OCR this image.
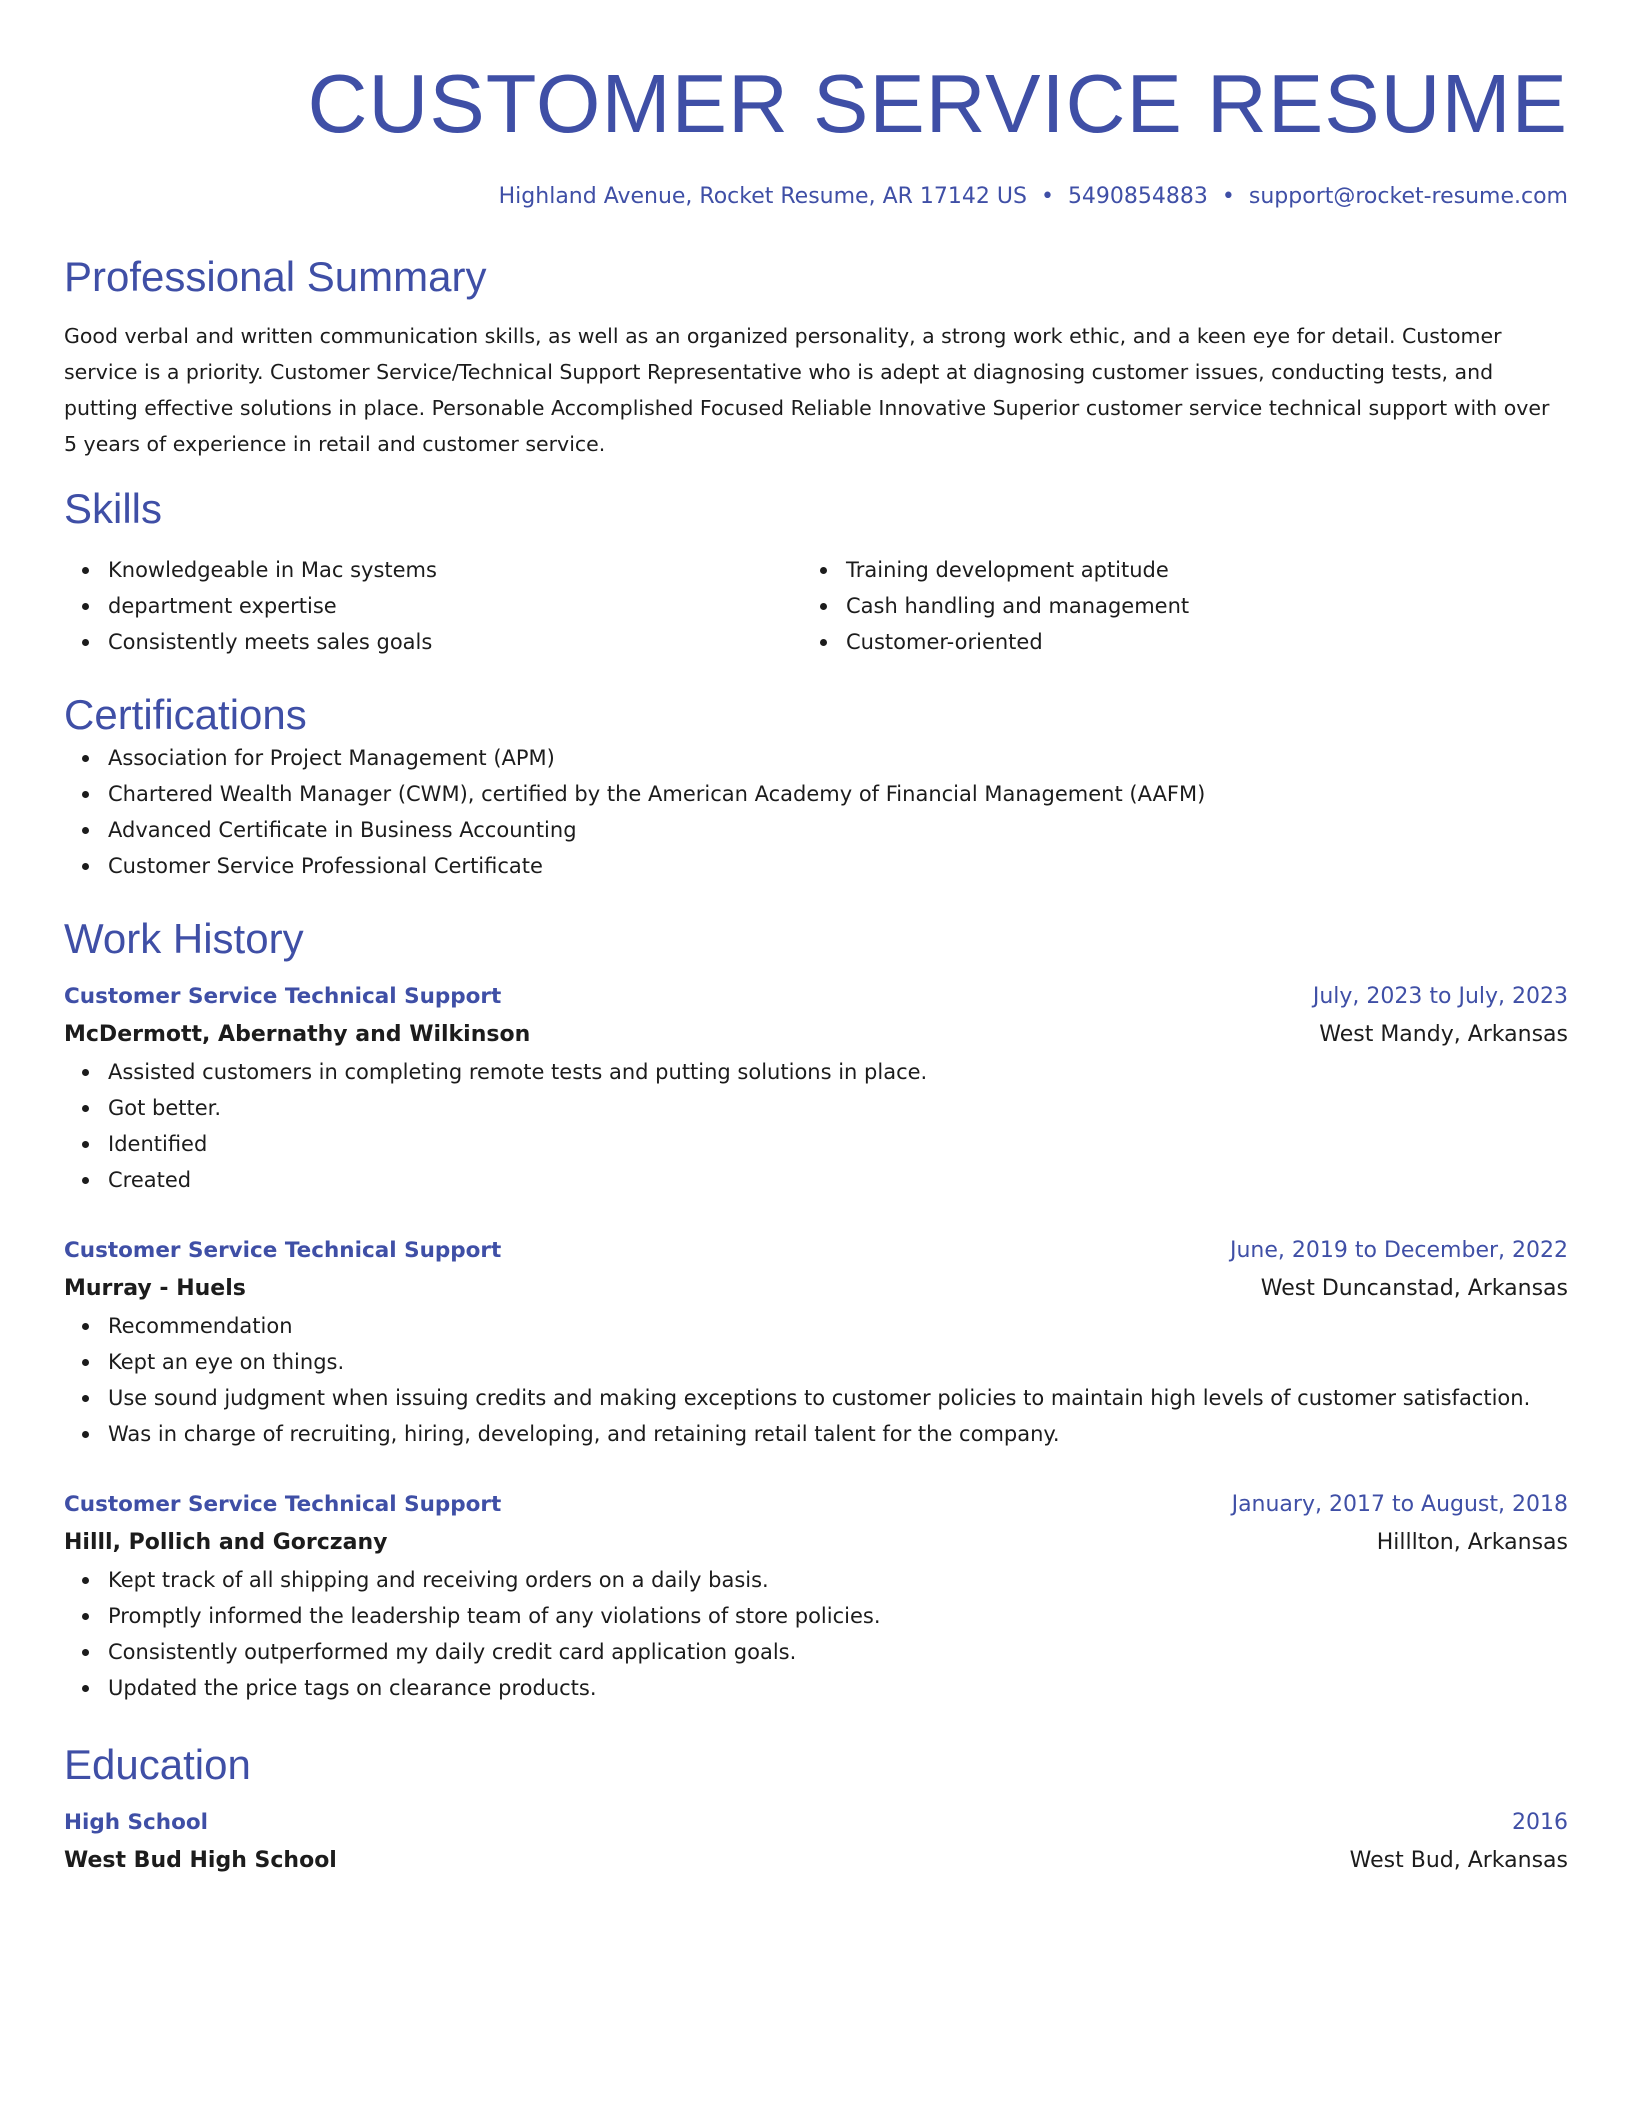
CUSTOMER SERVICE RESUME
Highland Avenue, Rocket Resume, AR 17142 US • 5490854883 • support@rocket-resume.com
Professional Summary
Good verbal and written communication skills, as well as an organized personality, a strong work ethic, and a keen eye for detail. Customer service is a priority. Customer Service/Technical Support Representative who is adept at diagnosing customer issues, conducting tests, and putting effective solutions in place. Personable Accomplished Focused Reliable Innovative Superior customer service technical support with over 5 years of experience in retail and customer service.
Skills
Knowledgeable in Mac systems
department expertise
Consistently meets sales goals
Training development aptitude
Cash handling and management
Customer-oriented
Certifications
Association for Project Management (APM)
Chartered Wealth Manager (CWM), certified by the American Academy of Financial Management (AAFM)
Advanced Certificate in Business Accounting
Customer Service Professional Certificate
Work History
Customer Service Technical Support	July, 2023 to July, 2023
McDermott, Abernathy and Wilkinson	West Mandy, Arkansas
Assisted customers in completing remote tests and putting solutions in place.
Got better.
Identified
Created
Customer Service Technical Support	June, 2019 to December, 2022
Murray - Huels	West Duncanstad, Arkansas
Recommendation
Kept an eye on things.
Use sound judgment when issuing credits and making exceptions to customer policies to maintain high levels of customer satisfaction.
Was in charge of recruiting, hiring, developing, and retaining retail talent for the company.
Customer Service Technical Support	January, 2017 to August, 2018
Hilll, Pollich and Gorczany	Hilllton, Arkansas
Kept track of all shipping and receiving orders on a daily basis.
Promptly informed the leadership team of any violations of store policies.
Consistently outperformed my daily credit card application goals.
Updated the price tags on clearance products.
Education
High School	2016
West Bud High School	West Bud, Arkansas
